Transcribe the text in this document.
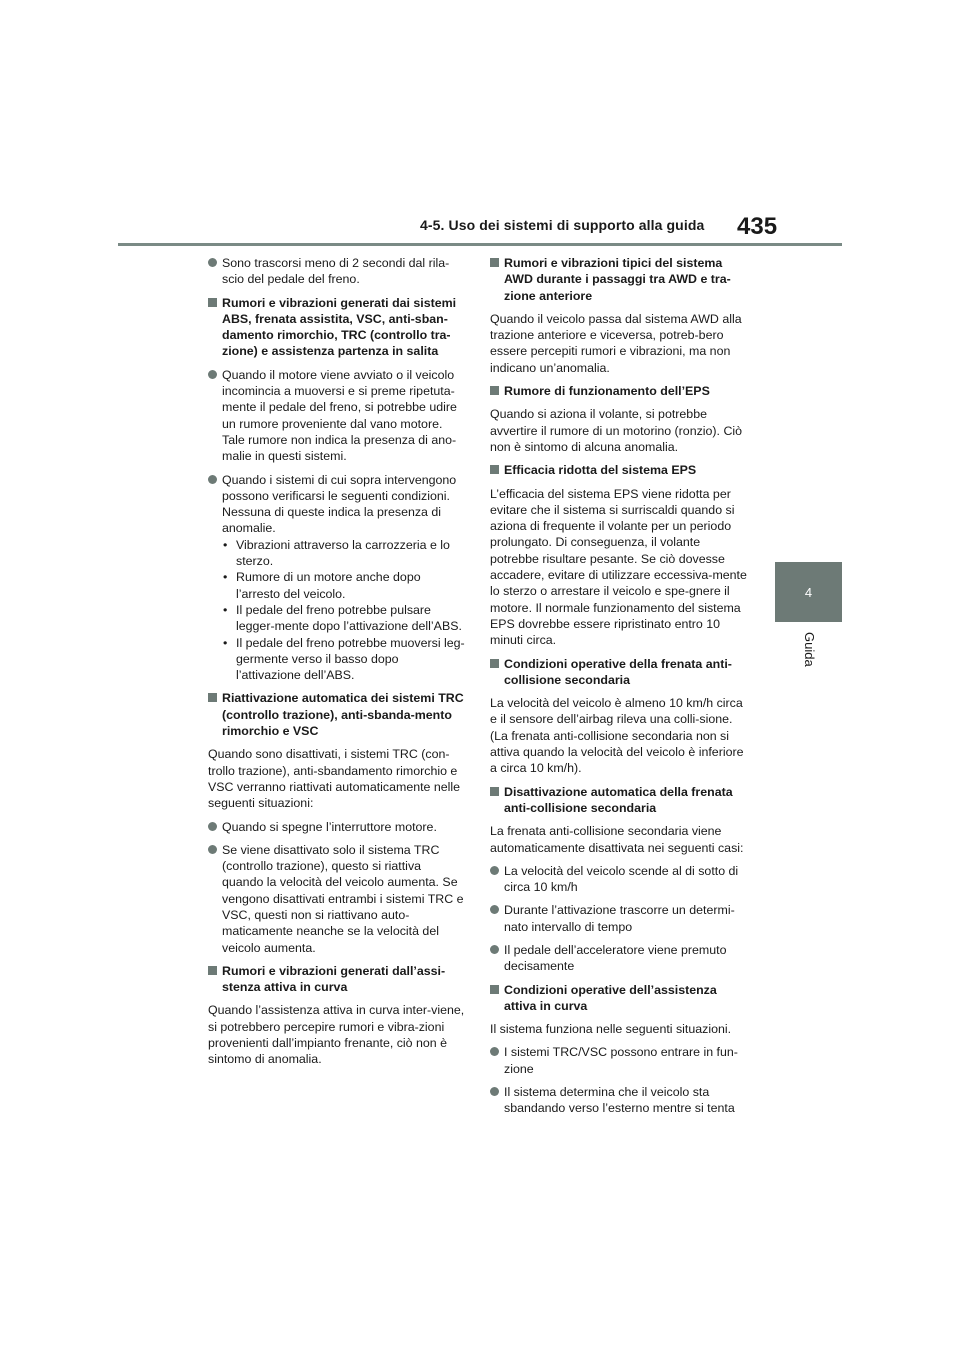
4-5. Uso dei sistemi di supporto alla guida 435
4
Guida
Sono trascorsi meno di 2 secondi dal rila-scio del pedale del freno.
Rumori e vibrazioni generati dai sistemi ABS, frenata assistita, VSC, anti-sban-damento rimorchio, TRC (controllo tra-zione) e assistenza partenza in salita
Quando il motore viene avviato o il veicolo incomincia a muoversi e si preme ripetuta-mente il pedale del freno, si potrebbe udire un rumore proveniente dal vano motore. Tale rumore non indica la presenza di ano-malie in questi sistemi.
Quando i sistemi di cui sopra intervengono possono verificarsi le seguenti condizioni. Nessuna di queste indica la presenza di anomalie.
• Vibrazioni attraverso la carrozzeria e lo sterzo.
• Rumore di un motore anche dopo l’arresto del veicolo.
• Il pedale del freno potrebbe pulsare legger-mente dopo l’attivazione dell’ABS.
• Il pedale del freno potrebbe muoversi leg-germente verso il basso dopo l’attivazione dell’ABS.
Riattivazione automatica dei sistemi TRC (controllo trazione), anti-sbanda-mento rimorchio e VSC
Quando sono disattivati, i sistemi TRC (con-trollo trazione), anti-sbandamento rimorchio e VSC verranno riattivati automaticamente nelle seguenti situazioni:
Quando si spegne l’interruttore motore.
Se viene disattivato solo il sistema TRC (controllo trazione), questo si riattiva quando la velocità del veicolo aumenta. Se vengono disattivati entrambi i sistemi TRC e VSC, questi non si riattivano auto-maticamente neanche se la velocità del veicolo aumenta.
Rumori e vibrazioni generati dall’assi-stenza attiva in curva
Quando l’assistenza attiva in curva inter-viene, si potrebbero percepire rumori e vibra-zioni provenienti dall’impianto frenante, ciò non è sintomo di anomalia.
Rumori e vibrazioni tipici del sistema AWD durante i passaggi tra AWD e tra-zione anteriore
Quando il veicolo passa dal sistema AWD alla trazione anteriore e viceversa, potreb-bero essere percepiti rumori e vibrazioni, ma non indicano un’anomalia.
Rumore di funzionamento dell’EPS
Quando si aziona il volante, si potrebbe avvertire il rumore di un motorino (ronzio). Ciò non è sintomo di alcuna anomalia.
Efficacia ridotta del sistema EPS
L’efficacia del sistema EPS viene ridotta per evitare che il sistema si surriscaldi quando si aziona di frequente il volante per un periodo prolungato. Di conseguenza, il volante potrebbe risultare pesante. Se ciò dovesse accadere, evitare di utilizzare eccessiva-mente lo sterzo o arrestare il veicolo e spe-gnere il motore. Il normale funzionamento del sistema EPS dovrebbe essere ripristinato entro 10 minuti circa.
Condizioni operative della frenata anti-collisione secondaria
La velocità del veicolo è almeno 10 km/h circa e il sensore dell’airbag rileva una colli-sione. (La frenata anti-collisione secondaria non si attiva quando la velocità del veicolo è inferiore a circa 10 km/h).
Disattivazione automatica della frenata anti-collisione secondaria
La frenata anti-collisione secondaria viene automaticamente disattivata nei seguenti casi:
La velocità del veicolo scende al di sotto di circa 10 km/h
Durante l’attivazione trascorre un determi-nato intervallo di tempo
Il pedale dell’acceleratore viene premuto decisamente
Condizioni operative dell’assistenza attiva in curva
Il sistema funziona nelle seguenti situazioni.
I sistemi TRC/VSC possono entrare in fun-zione
Il sistema determina che il veicolo sta sbandando verso l’esterno mentre si tenta
